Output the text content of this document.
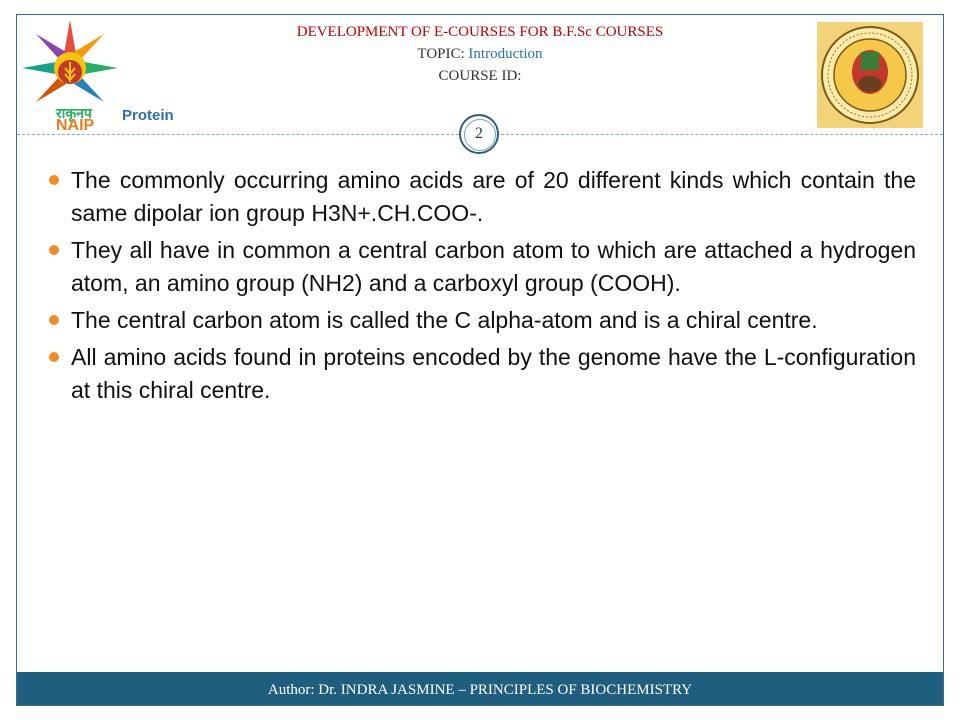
राकृनप
NAIP
DEVELOPMENT OF E-COURSES FOR B.F.Sc COURSES
TOPIC: Introduction
COURSE ID:
Protein
2
The commonly occurring amino acids are of 20 different kinds which contain the same dipolar ion group H3N+.CH.COO-.
They all have in common a central carbon atom to which are attached a hydrogen atom, an amino group (NH2) and a carboxyl group (COOH).
The central carbon atom is called the C alpha-atom and is a chiral centre.
All amino acids found in proteins encoded by the genome have the L-configuration at this chiral centre.
Author: Dr. INDRA JASMINE – PRINCIPLES OF BIOCHEMISTRY
